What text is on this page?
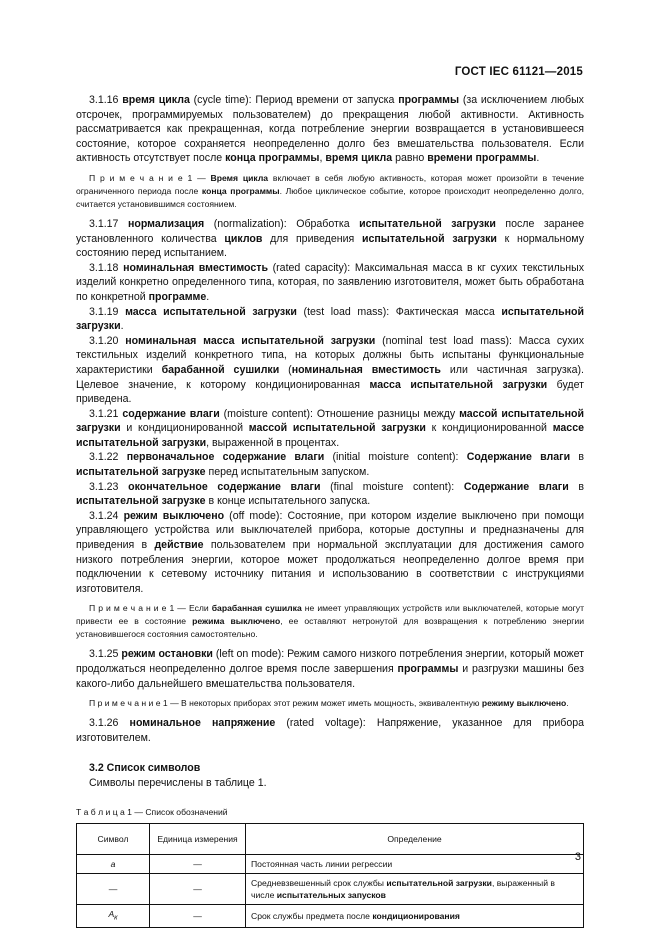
ГОСТ IEC 61121—2015

3.1.16 время цикла (cycle time): Период времени от запуска программы (за исключением любых отсрочек, программируемых пользователем) до прекращения любой активности. Активность рассматривается как прекращенная, когда потребление энергии возвращается в установившееся состояние, которое сохраняется неопределенно долго без вмешательства пользователя. Если активность отсутствует после конца программы, время цикла равно времени программы.

П р и м е ч а н и е 1 — Время цикла включает в себя любую активность, которая может произойти в течение ограниченного периода после конца программы. Любое циклическое событие, которое происходит неопределенно долго, считается установившимся состоянием.

3.1.17 нормализация (normalization): Обработка испытательной загрузки после заранее установленного количества циклов для приведения испытательной загрузки к нормальному состоянию перед испытанием.

3.1.18 номинальная вместимость (rated capacity): Максимальная масса в кг сухих текстильных изделий конкретно определенного типа, которая, по заявлению изготовителя, может быть обработана по конкретной программе.

3.1.19 масса испытательной загрузки (test load mass): Фактическая масса испытательной загрузки.

3.1.20 номинальная масса испытательной загрузки (nominal test load mass): Масса сухих текстильных изделий конкретного типа, на которых должны быть испытаны функциональные характеристики барабанной сушилки (номинальная вместимость или частичная загрузка). Целевое значение, к которому кондиционированная масса испытательной загрузки будет приведена.

3.1.21 содержание влаги (moisture content): Отношение разницы между массой испытательной загрузки и кондиционированной массой испытательной загрузки к кондиционированной массе испытательной загрузки, выраженной в процентах.

3.1.22 первоначальное содержание влаги (initial moisture content): Содержание влаги в испытательной загрузке перед испытательным запуском.

3.1.23 окончательное содержание влаги (final moisture content): Содержание влаги в испытательной загрузке в конце испытательного запуска.

3.1.24 режим выключено (off mode): Состояние, при котором изделие выключено при помощи управляющего устройства или выключателей прибора, которые доступны и предназначены для приведения в действие пользователем при нормальной эксплуатации для достижения самого низкого потребления энергии, которое может продолжаться неопределенно долгое время при подключении к сетевому источнику питания и использованию в соответствии с инструкциями изготовителя.

П р и м е ч а н и е 1 — Если барабанная сушилка не имеет управляющих устройств или выключателей, которые могут привести ее в состояние режима выключено, ее оставляют нетронутой для возвращения к потреблению энергии установившегося состояния самостоятельно.

3.1.25 режим остановки (left on mode): Режим самого низкого потребления энергии, который может продолжаться неопределенно долгое время после завершения программы и разгрузки машины без какого-либо дальнейшего вмешательства пользователя.

П р и м е ч а н и е 1 — В некоторых приборах этот режим может иметь мощность, эквивалентную режиму выключено.

3.1.26 номинальное напряжение (rated voltage): Напряжение, указанное для прибора изготовителем.

3.2 Список символов
Символы перечислены в таблице 1.
Т а б л и ц а 1 — Список обозначений
Символ	Единица измерения	Определение
a	—	Постоянная часть линии регрессии
—	—	Средневзвешенный срок службы испытательной загрузки, выраженный в числе испытательных запусков
$A_к$	—	Срок службы предмета после кондиционирования
3
